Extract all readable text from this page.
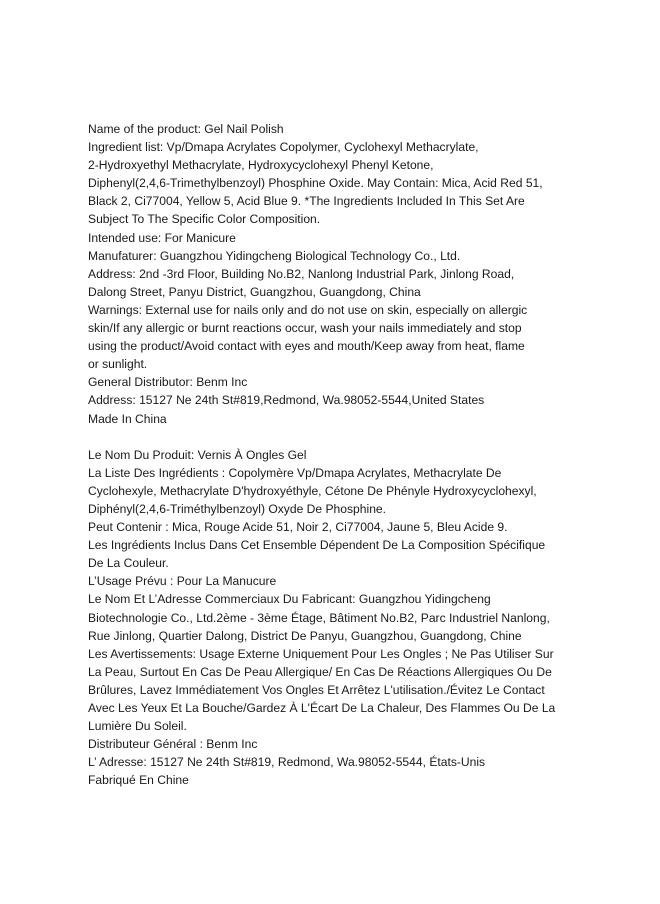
Name of the product: Gel Nail Polish
Ingredient list: Vp/Dmapa Acrylates Copolymer, Cyclohexyl Methacrylate,
2-Hydroxyethyl Methacrylate, Hydroxycyclohexyl Phenyl Ketone,
Diphenyl(2,4,6-Trimethylbenzoyl) Phosphine Oxide. May Contain: Mica, Acid Red 51,
Black 2, Ci77004, Yellow 5, Acid Blue 9. *The Ingredients Included In This Set Are
Subject To The Specific Color Composition.
Intended use: For Manicure
Manufaturer: Guangzhou Yidingcheng Biological Technology Co., Ltd.
Address: 2nd -3rd Floor, Building No.B2, Nanlong Industrial Park, Jinlong Road,
Dalong Street, Panyu District, Guangzhou, Guangdong, China
Warnings: External use for nails only and do not use on skin, especially on allergic
skin/If any allergic or burnt reactions occur, wash your nails immediately and stop
using the product/Avoid contact with eyes and mouth/Keep away from heat, flame
or sunlight.
General Distributor: Benm Inc
Address: 15127 Ne 24th St#819,Redmond, Wa.98052-5544,United States
Made In China
Le Nom Du Produit: Vernis À Ongles Gel
La Liste Des Ingrédients : Copolymère Vp/Dmapa Acrylates, Methacrylate De
Cyclohexyle, Methacrylate D'hydroxyéthyle, Cétone De Phényle Hydroxycyclohexyl,
Diphényl(2,4,6-Triméthylbenzoyl) Oxyde De Phosphine.
Peut Contenir : Mica, Rouge Acide 51, Noir 2, Ci77004, Jaune 5, Bleu Acide 9.
Les Ingrédients Inclus Dans Cet Ensemble Dépendent De La Composition Spécifique
De La Couleur.
L’Usage Prévu : Pour La Manucure
Le Nom Et L’Adresse Commerciaux Du Fabricant: Guangzhou Yidingcheng
Biotechnologie Co., Ltd.2ème - 3ème Étage, Bâtiment No.B2, Parc Industriel Nanlong,
Rue Jinlong, Quartier Dalong, District De Panyu, Guangzhou, Guangdong, Chine
Les Avertissements: Usage Externe Uniquement Pour Les Ongles ; Ne Pas Utiliser Sur
La Peau, Surtout En Cas De Peau Allergique/ En Cas De Réactions Allergiques Ou De
Brûlures, Lavez Immédiatement Vos Ongles Et Arrêtez L'utilisation./Évitez Le Contact
Avec Les Yeux Et La Bouche/Gardez À L'Écart De La Chaleur, Des Flammes Ou De La
Lumière Du Soleil.
Distributeur Général : Benm Inc
L’ Adresse: 15127 Ne 24th St#819, Redmond, Wa.98052-5544, États-Unis
Fabriqué En Chine
